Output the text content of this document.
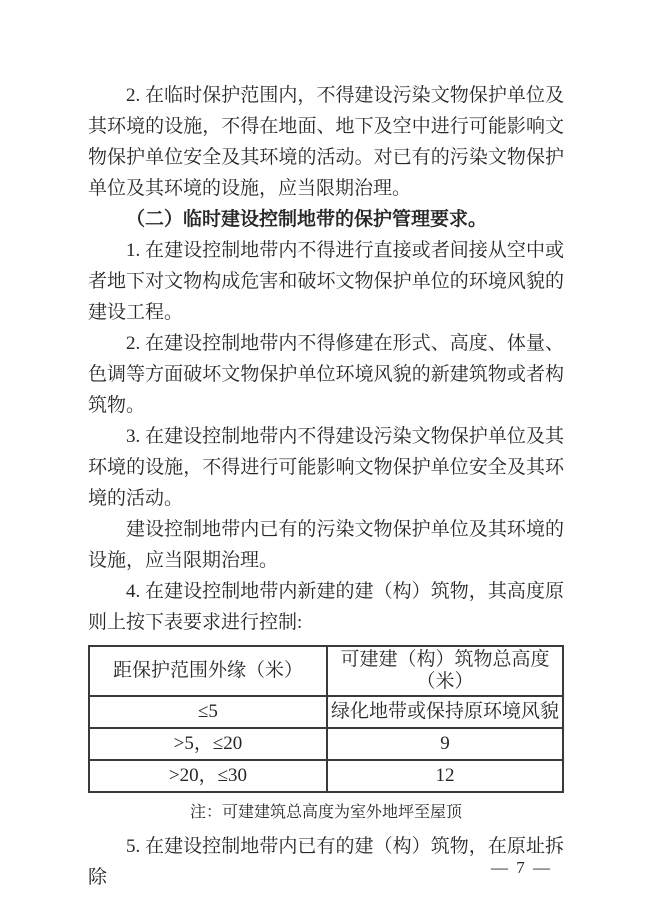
2. 在临时保护范围内，不得建设污染文物保护单位及其环境的设施，不得在地面、地下及空中进行可能影响文物保护单位安全及其环境的活动。对已有的污染文物保护单位及其环境的设施，应当限期治理。

（二）临时建设控制地带的保护管理要求。

1. 在建设控制地带内不得进行直接或者间接从空中或者地下对文物构成危害和破坏文物保护单位的环境风貌的建设工程。

2. 在建设控制地带内不得修建在形式、高度、体量、色调等方面破坏文物保护单位环境风貌的新建筑物或者构筑物。

3. 在建设控制地带内不得建设污染文物保护单位及其环境的设施，不得进行可能影响文物保护单位安全及其环境的活动。

建设控制地带内已有的污染文物保护单位及其环境的设施，应当限期治理。

4. 在建设控制地带内新建的建（构）筑物，其高度原则上按下表要求进行控制:

距保护范围外缘（米）	可建建（构）筑物总高度（米）
≤5	绿化地带或保持原环境风貌
>5，≤20	9
>20，≤30	12

注：可建建筑总高度为室外地坪至屋顶

5. 在建设控制地带内已有的建（构）筑物，在原址拆除	— 7 —
